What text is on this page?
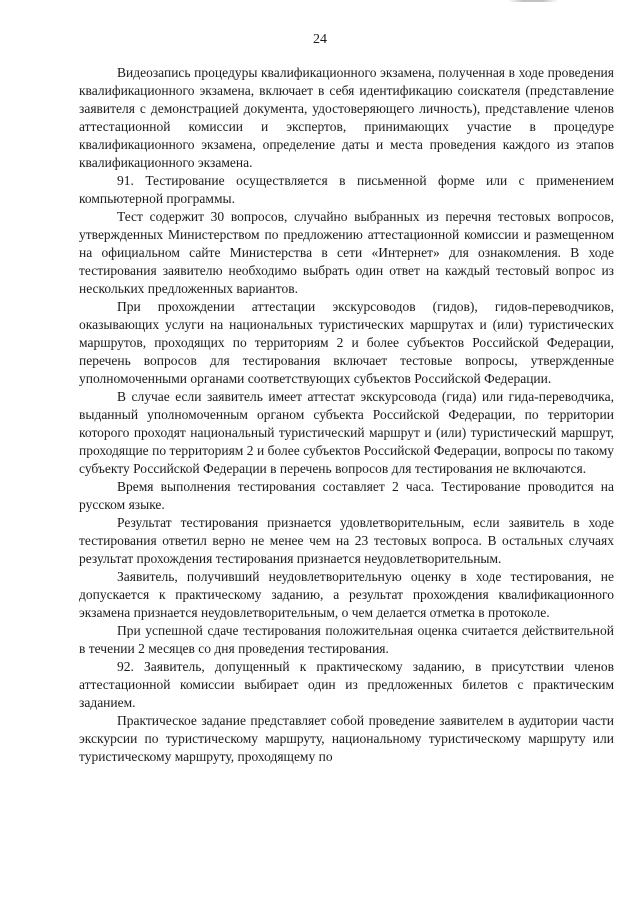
24

Видеозапись процедуры квалификационного экзамена, полученная в ходе проведения квалификационного экзамена, включает в себя идентификацию соискателя (представление заявителя с демонстрацией документа, удостоверяющего личность), представление членов аттестационной комиссии и экспертов, принимающих участие в процедуре квалификационного экзамена, определение даты и места проведения каждого из этапов квалификационного экзамена.

91. Тестирование осуществляется в письменной форме или с применением компьютерной программы.

Тест содержит 30 вопросов, случайно выбранных из перечня тестовых вопросов, утвержденных Министерством по предложению аттестационной комиссии и размещенном на официальном сайте Министерства в сети «Интернет» для ознакомления. В ходе тестирования заявителю необходимо выбрать один ответ на каждый тестовый вопрос из нескольких предложенных вариантов.

При прохождении аттестации экскурсоводов (гидов), гидов-переводчиков, оказывающих услуги на национальных туристических маршрутах и (или) туристических маршрутов, проходящих по территориям 2 и более субъектов Российской Федерации, перечень вопросов для тестирования включает тестовые вопросы, утвержденные уполномоченными органами соответствующих субъектов Российской Федерации.

В случае если заявитель имеет аттестат экскурсовода (гида) или гида-переводчика, выданный уполномоченным органом субъекта Российской Федерации, по территории которого проходят национальный туристический маршрут и (или) туристический маршрут, проходящие по территориям 2 и более субъектов Российской Федерации, вопросы по такому субъекту Российской Федерации в перечень вопросов для тестирования не включаются.

Время выполнения тестирования составляет 2 часа. Тестирование проводится на русском языке.

Результат тестирования признается удовлетворительным, если заявитель в ходе тестирования ответил верно не менее чем на 23 тестовых вопроса. В остальных случаях результат прохождения тестирования признается неудовлетворительным.

Заявитель, получивший неудовлетворительную оценку в ходе тестирования, не допускается к практическому заданию, а результат прохождения квалификационного экзамена признается неудовлетворительным, о чем делается отметка в протоколе.

При успешной сдаче тестирования положительная оценка считается действительной в течении 2 месяцев со дня проведения тестирования.

92. Заявитель, допущенный к практическому заданию, в присутствии членов аттестационной комиссии выбирает один из предложенных билетов с практическим заданием.

Практическое задание представляет собой проведение заявителем в аудитории части экскурсии по туристическому маршруту, национальному туристическому маршруту или туристическому маршруту, проходящему по
